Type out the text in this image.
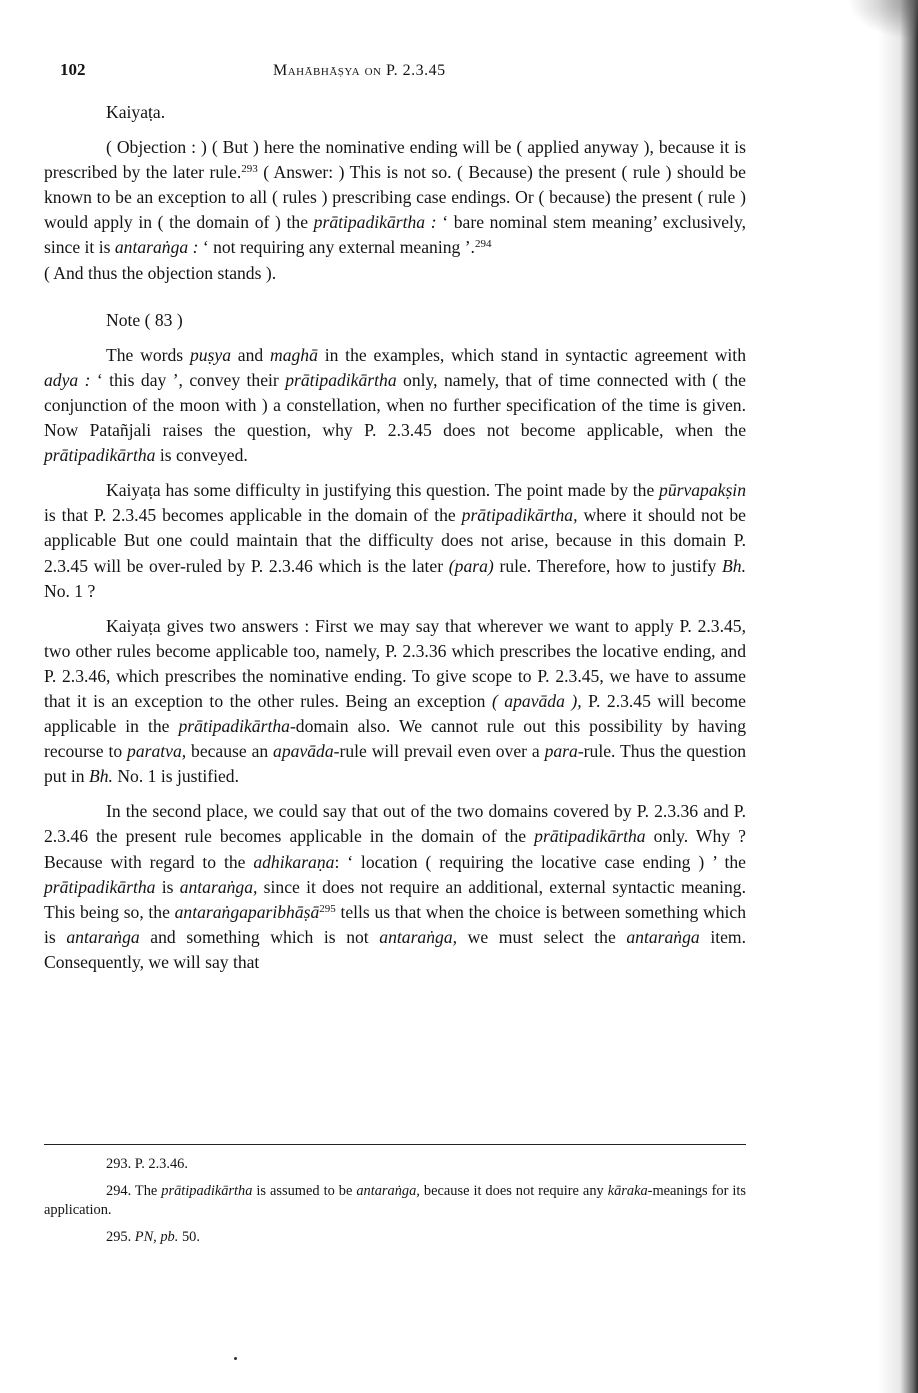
102	Mahābhāṣya on P. 2.3.45

Kaiyaṭa.

( Objection : ) ( But ) here the nominative ending will be ( applied anyway ), because it is prescribed by the later rule.$^{293}$ ( Answer: ) This is not so. ( Because) the present ( rule ) should be known to be an exception to all ( rules ) prescribing case endings. Or ( because) the present ( rule ) would apply in ( the domain of ) the prātipadikārtha : ‘ bare nominal stem meaning’ exclusively, since it is antaraṅga : ‘ not requiring any external meaning ’.$^{294}$

( And thus the objection stands ).

Note ( 83 )

The words puṣya and maghā in the examples, which stand in syntactic agreement with adya : ‘ this day ’, convey their prātipadikārtha only, namely, that of time connected with ( the conjunction of the moon with ) a constellation, when no further specification of the time is given. Now Patañjali raises the question, why P. 2.3.45 does not become applicable, when the prātipadikārtha is conveyed.

Kaiyaṭa has some difficulty in justifying this question. The point made by the pūrvapakṣin is that P. 2.3.45 becomes applicable in the domain of the prātipadikārtha, where it should not be applicable But one could maintain that the difficulty does not arise, because in this domain P. 2.3.45 will be over-ruled by P. 2.3.46 which is the later (para) rule. Therefore, how to justify Bh. No. 1 ?

Kaiyaṭa gives two answers : First we may say that wherever we want to apply P. 2.3.45, two other rules become applicable too, namely, P. 2.3.36 which prescribes the locative ending, and P. 2.3.46, which prescribes the nominative ending. To give scope to P. 2.3.45, we have to assume that it is an exception to the other rules. Being an exception ( apavāda ), P. 2.3.45 will become applicable in the prātipadikārtha-domain also. We cannot rule out this possibility by having recourse to paratva, because an apavāda-rule will prevail even over a para-rule. Thus the question put in Bh. No. 1 is justified.

In the second place, we could say that out of the two domains covered by P. 2.3.36 and P. 2.3.46 the present rule becomes applicable in the domain of the prātipadikārtha only. Why ? Because with regard to the adhikaraṇa: ‘ location ( requiring the locative case ending ) ’ the prātipadikārtha is antaraṅga, since it does not require an additional, external syntactic meaning. This being so, the antaraṅgaparibhāṣā$^{295}$ tells us that when the choice is between something which is antaraṅga and something which is not antaraṅga, we must select the antaraṅga item. Consequently, we will say that

293. P. 2.3.46.

294. The prātipadikārtha is assumed to be antaraṅga, because it does not require any kāraka-meanings for its application.

295. PN, pb. 50.
